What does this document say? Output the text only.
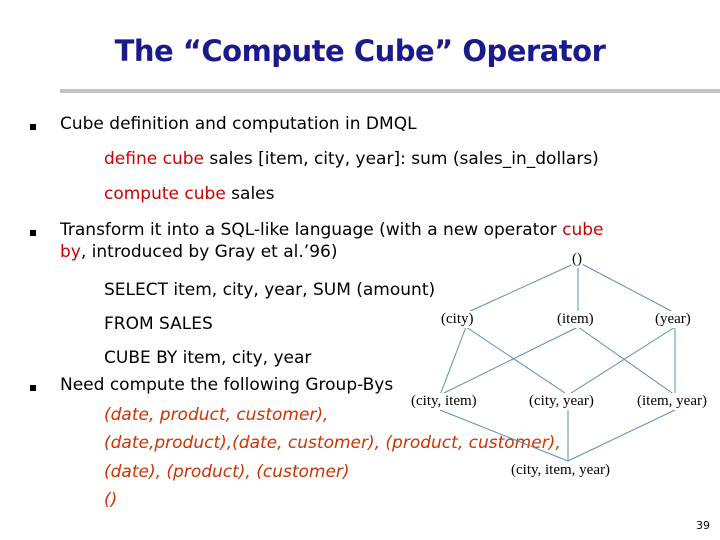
The “Compute Cube” Operator
Cube definition and computation in DMQL
define cube sales [item, city, year]: sum (sales_in_dollars)
compute cube sales
Transform it into a SQL-like language (with a new operator cube
by, introduced by Gray et al.’96)
SELECT item, city, year, SUM (amount)
FROM SALES
CUBE BY item, city, year
Need compute the following Group-Bys
(date, product, customer),
(date,product),(date, customer), (product, customer),
(date), (product), (customer)
()
()
(city)	(item)	(year)
(city, item)	(city, year)	(item, year)
(city, item, year)
39
